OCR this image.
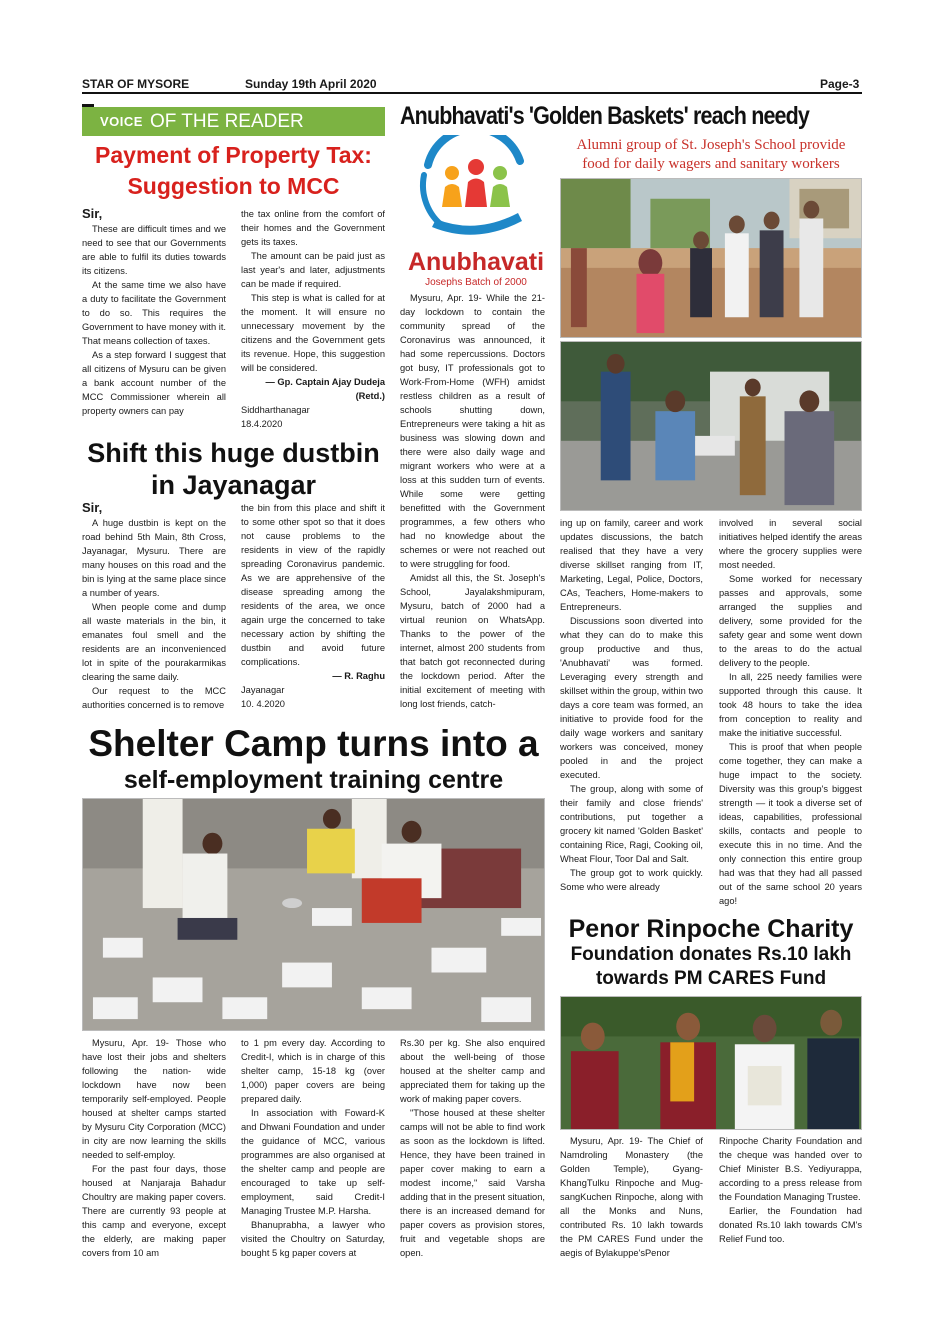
STAR OF MYSORE	Sunday 19th April 2020	Page-3
VOICE OF THE READER
Payment of Property Tax:
Suggestion to MCC

Sir,

These are difficult times and we need to see that our Governments are able to fulfil its duties towards its citizens.

At the same time we also have a duty to facilitate the Government to do so. This requires the Government to have money with it. That means collection of taxes.

As a step forward I suggest that all citizens of Mysuru can be given a bank account number of the MCC Commissioner wherein all property owners can pay

the tax online from the comfort of their homes and the Government gets its taxes.

The amount can be paid just as last year's and later, adjustments can be made if required.

This step is what is called for at the moment. It will ensure no unnecessary movement by the citizens and the Government gets its revenue. Hope, this suggestion will be considered.

— Gp. Captain Ajay Dudeja

(Retd.)

Siddharthanagar

18.4.2020

Shift this huge dustbin
in Jayanagar

Sir,

A huge dustbin is kept on the road behind 5th Main, 8th Cross, Jayanagar, Mysuru. There are many houses on this road and the bin is lying at the same place since a number of years.

When people come and dump all waste materials in the bin, it emanates foul smell and the residents are an inconvenienced lot in spite of the pourakarmikas clearing the same daily.

Our request to the MCC authorities concerned is to remove

the bin from this place and shift it to some other spot so that it does not cause problems to the residents in view of the rapidly spreading Coronavirus pandemic. As we are apprehensive of the disease spreading among the residents of the area, we once again urge the concerned to take necessary action by shifting the dustbin and avoid future complications.

— R. Raghu

Jayanagar

10. 4.2020

Anubhavati's 'Golden Baskets' reach needy
Alumni group of St. Joseph's School provide
food for daily wagers and sanitary workers
Anubhavati
Josephs Batch of 2000

Mysuru, Apr. 19- While the 21-day lockdown to contain the community spread of the Coronavirus was announced, it had some repercussions. Doctors got busy, IT professionals got to Work-From-Home (WFH) amidst restless children as a result of schools shutting down, Entrepreneurs were taking a hit as business was slowing down and there were also daily wage and migrant workers who were at a loss at this sudden turn of events. While some were getting benefitted with the Government programmes, a few others who had no knowledge about the schemes or were not reached out to were struggling for food.

Amidst all this, the St. Joseph's School, Jayalakshmipuram, Mysuru, batch of 2000 had a virtual reunion on WhatsApp. Thanks to the power of the internet, almost 200 students from that batch got reconnected during the lockdown period. After the initial excitement of meeting with long lost friends, catch-

ing up on family, career and work updates discussions, the batch realised that they have a very diverse skillset ranging from IT, Marketing, Legal, Police, Doctors, CAs, Teachers, Home-makers to Entrepreneurs.

Discussions soon diverted into what they can do to make this group productive and thus, 'Anubhavati' was formed. Leveraging every strength and skillset within the group, within two days a core team was formed, an initiative to provide food for the daily wage workers and sanitary workers was conceived, money pooled in and the project executed.

The group, along with some of their family and close friends' contributions, put together a grocery kit named 'Golden Basket' containing Rice, Ragi, Cooking oil, Wheat Flour, Toor Dal and Salt.

The group got to work quickly. Some who were already

involved in several social initiatives helped identify the areas where the grocery supplies were most needed.

Some worked for necessary passes and approvals, some arranged the supplies and delivery, some provided for the safety gear and some went down to the areas to do the actual delivery to the people.

In all, 225 needy families were supported through this cause. It took 48 hours to take the idea from conception to reality and make the initiative successful.

This is proof that when people come together, they can make a huge impact to the society. Diversity was this group's biggest strength — it took a diverse set of ideas, capabilities, professional skills, contacts and people to execute this in no time. And the only connection this entire group had was that they had all passed out of the same school 20 years ago!

Shelter Camp turns into a
self-employment training centre

Mysuru, Apr. 19- Those who have lost their jobs and shelters following the nation- wide lockdown have now been temporarily self-employed. People housed at shelter camps started by Mysuru City Corporation (MCC) in city are now learning the skills needed to self-employ.

For the past four days, those housed at Nanjaraja Bahadur Choultry are making paper covers. There are currently 93 people at this camp and everyone, except the elderly, are making paper covers from 10 am

to 1 pm every day. According to Credit-I, which is in charge of this shelter camp, 15-18 kg (over 1,000) paper covers are being prepared daily.

In association with Foward-K and Dhwani Foundation and under the guidance of MCC, various programmes are also organised at the shelter camp and people are encouraged to take up self-employment, said Credit-I Managing Trustee M.P. Harsha.

Bhanuprabha, a lawyer who visited the Choultry on Saturday, bought 5 kg paper covers at

Rs.30 per kg. She also enquired about the well-being of those housed at the shelter camp and appreciated them for taking up the work of making paper covers.

"Those housed at these shelter camps will not be able to find work as soon as the lockdown is lifted. Hence, they have been trained in paper cover making to earn a modest income," said Varsha adding that in the present situation, there is an increased demand for paper covers as provision stores, fruit and vegetable shops are open.

Penor Rinpoche Charity
Foundation donates Rs.10 lakh
towards PM CARES Fund

Mysuru, Apr. 19- The Chief of Namdroling Monastery (the Golden Temple), Gyang-KhangTulku Rinpoche and Mug-sangKuchen Rinpoche, along with all the Monks and Nuns, contributed Rs. 10 lakh towards the PM CARES Fund under the aegis of Bylakuppe'sPenor

Rinpoche Charity Foundation and the cheque was handed over to Chief Minister B.S. Yediyurappa, according to a press release from the Foundation Managing Trustee.

Earlier, the Foundation had donated Rs.10 lakh towards CM's Relief Fund too.
